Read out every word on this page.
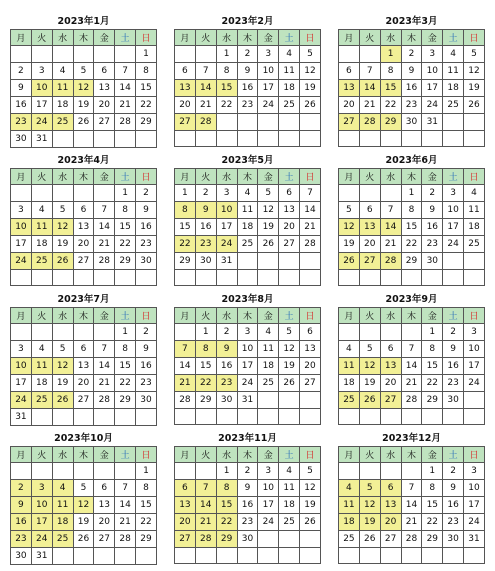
2023年1月
月	火	水	木	金	土	日
						1
2	3	4	5	6	7	8
9	10	11	12	13	14	15
16	17	18	19	20	21	22
23	24	25	26	27	28	29
30	31					
2023年2月
月	火	水	木	金	土	日
		1	2	3	4	5
6	7	8	9	10	11	12
13	14	15	16	17	18	19
20	21	22	23	24	25	26
27	28					

2023年3月
月	火	水	木	金	土	日
		1	2	3	4	5
6	7	8	9	10	11	12
13	14	15	16	17	18	19
20	21	22	23	24	25	26
27	28	29	30	31		

2023年4月
月	火	水	木	金	土	日
					1	2
3	4	5	6	7	8	9
10	11	12	13	14	15	16
17	18	19	20	21	22	23
24	25	26	27	28	29	30

2023年5月
月	火	水	木	金	土	日
1	2	3	4	5	6	7
8	9	10	11	12	13	14
15	16	17	18	19	20	21
22	23	24	25	26	27	28
29	30	31				

2023年6月
月	火	水	木	金	土	日
			1	2	3	4
5	6	7	8	9	10	11
12	13	14	15	16	17	18
19	20	21	22	23	24	25
26	27	28	29	30		

2023年7月
月	火	水	木	金	土	日
					1	2
3	4	5	6	7	8	9
10	11	12	13	14	15	16
17	18	19	20	21	22	23
24	25	26	27	28	29	30
31						
2023年8月
月	火	水	木	金	土	日
	1	2	3	4	5	6
7	8	9	10	11	12	13
14	15	16	17	18	19	20
21	22	23	24	25	26	27
28	29	30	31			

2023年9月
月	火	水	木	金	土	日
				1	2	3
4	5	6	7	8	9	10
11	12	13	14	15	16	17
18	19	20	21	22	23	24
25	26	27	28	29	30	

2023年10月
月	火	水	木	金	土	日
						1
2	3	4	5	6	7	8
9	10	11	12	13	14	15
16	17	18	19	20	21	22
23	24	25	26	27	28	29
30	31					
2023年11月
月	火	水	木	金	土	日
		1	2	3	4	5
6	7	8	9	10	11	12
13	14	15	16	17	18	19
20	21	22	23	24	25	26
27	28	29	30			

2023年12月
月	火	水	木	金	土	日
				1	2	3
4	5	6	7	8	9	10
11	12	13	14	15	16	17
18	19	20	21	22	23	24
25	26	27	28	29	30	31
